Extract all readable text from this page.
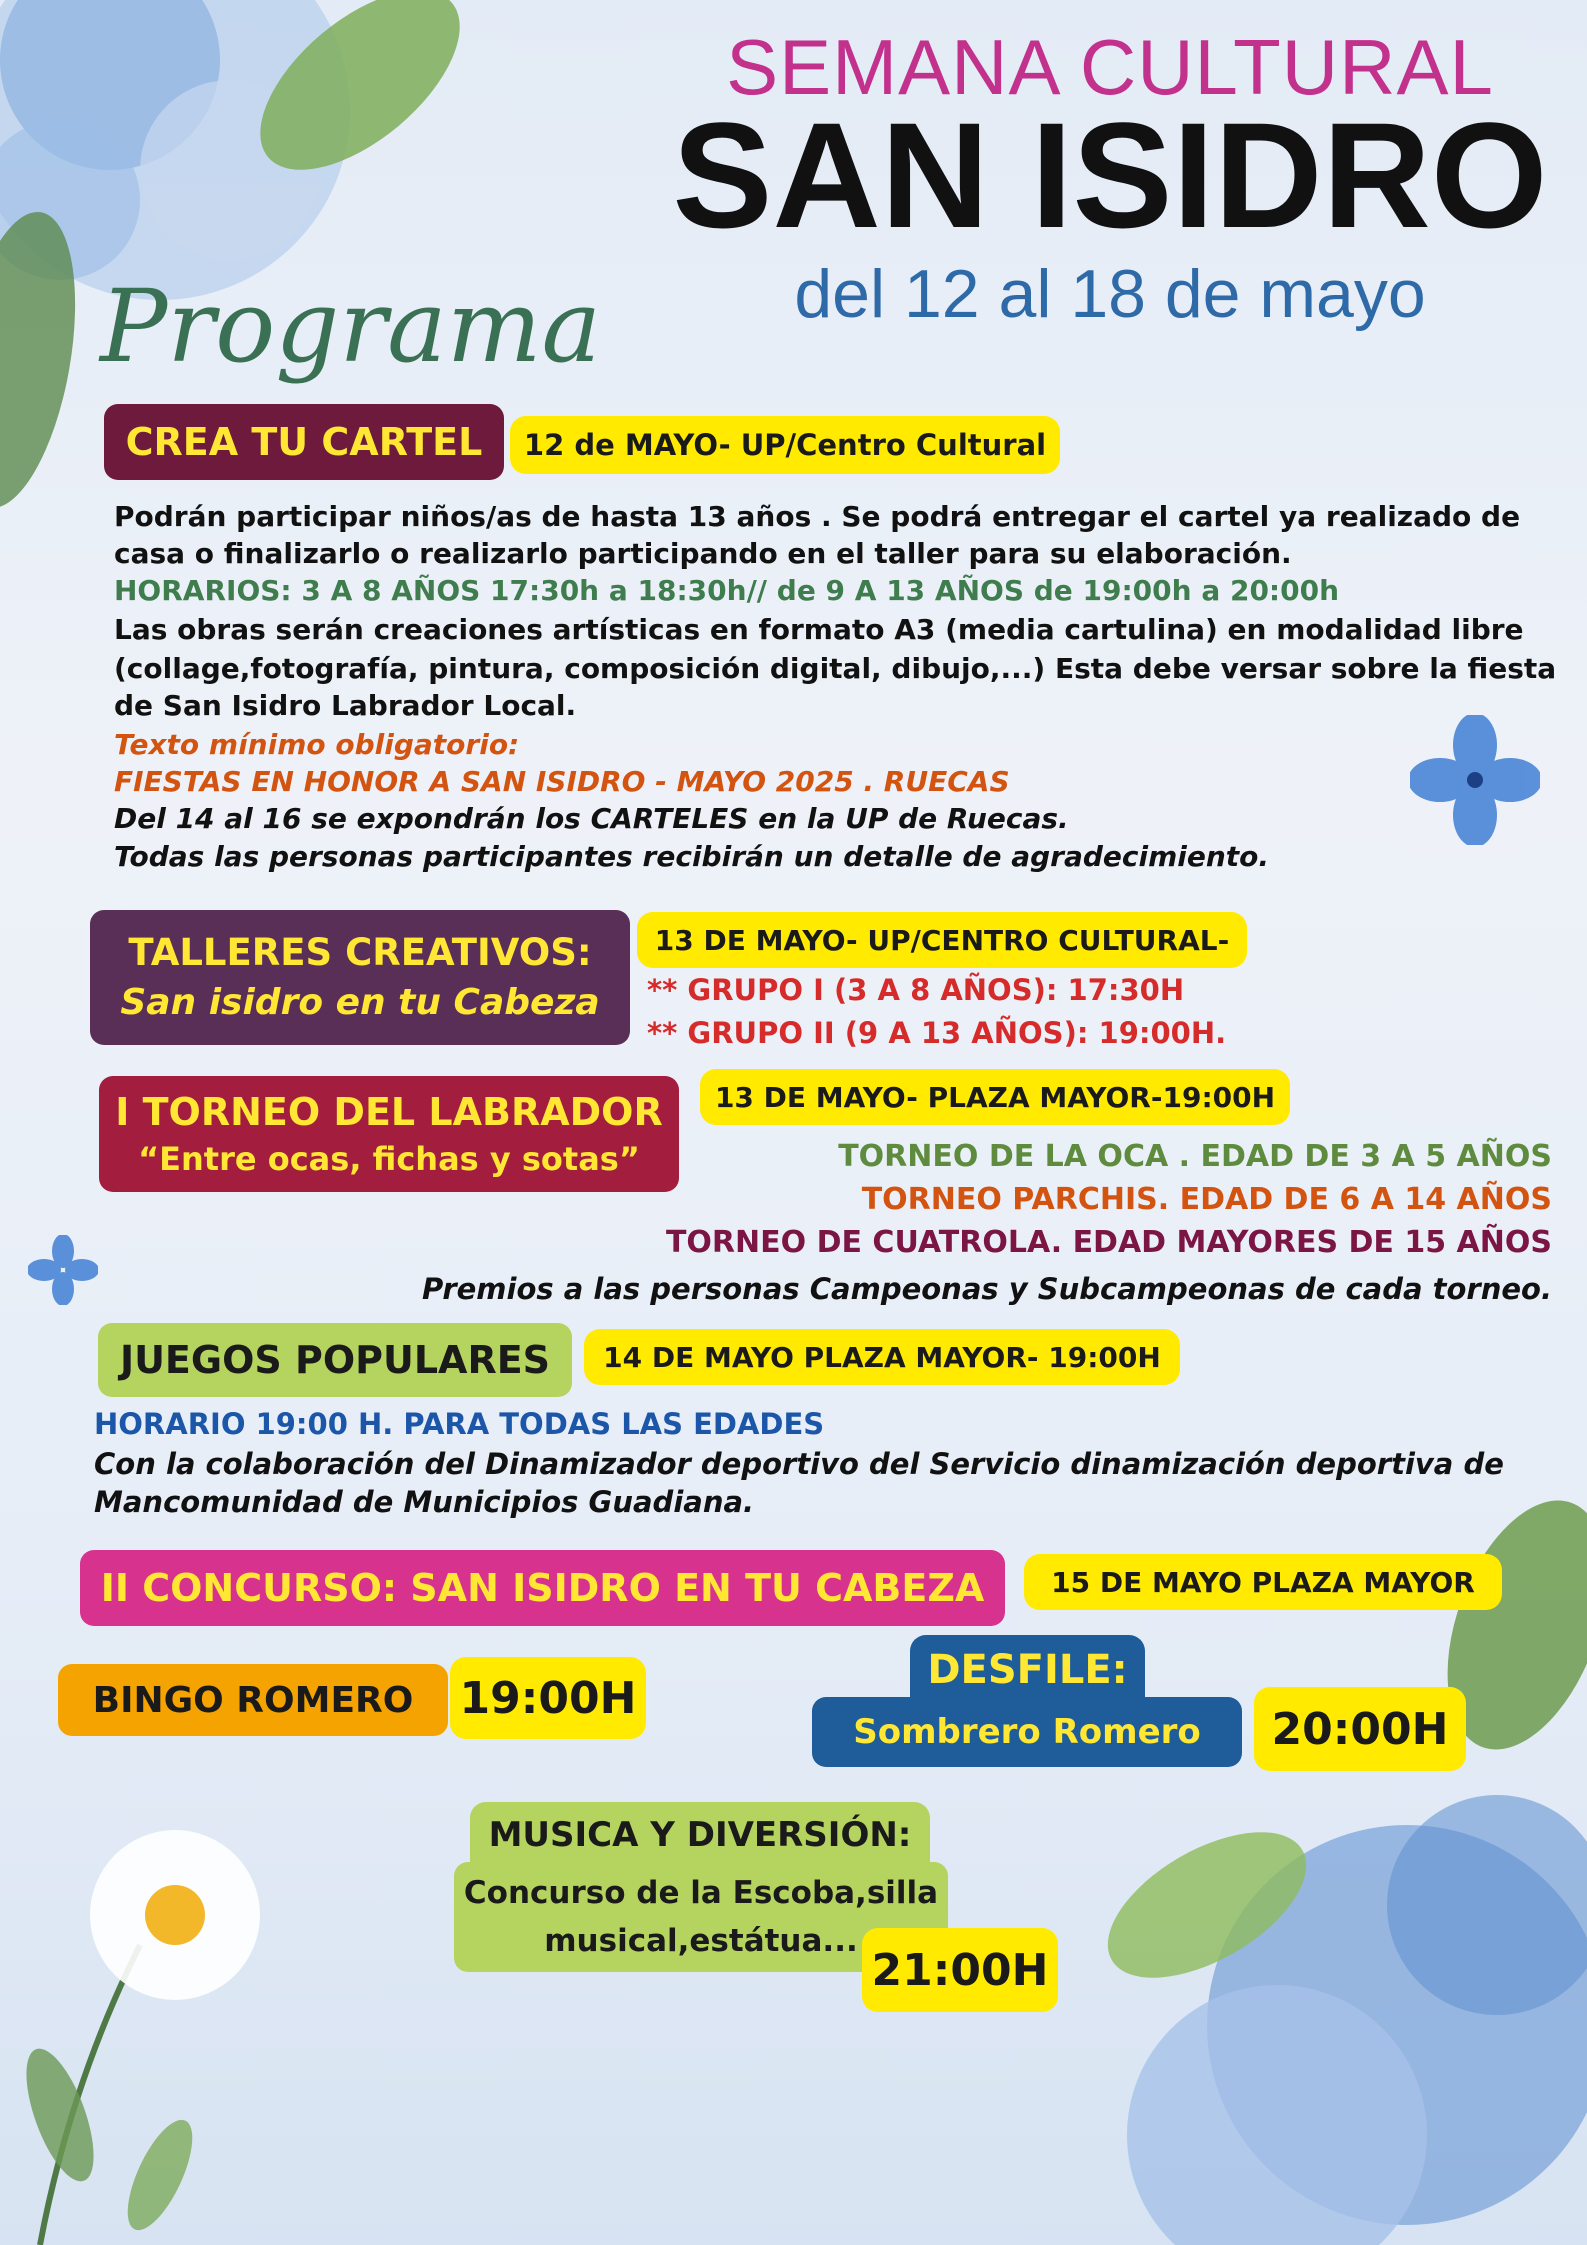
SEMANA CULTURAL
SAN ISIDRO
del 12 al 18 de mayo
Programa
CREA TU CARTEL	12 de MAYO- UP/Centro Cultural
Podrán participar niños/as de hasta 13 años . Se podrá entregar el cartel ya realizado de
casa o finalizarlo o realizarlo participando en el taller para su elaboración.
HORARIOS: 3 A 8 AÑOS 17:30h a 18:30h// de 9 A 13 AÑOS de 19:00h a 20:00h
Las obras serán creaciones artísticas en formato A3 (media cartulina) en modalidad libre
(collage,fotografía, pintura, composición digital, dibujo,...) Esta debe versar sobre la fiesta
de San Isidro Labrador Local.
Texto mínimo obligatorio:
FIESTAS EN HONOR A SAN ISIDRO - MAYO 2025 . RUECAS
Del 14 al 16 se expondrán los CARTELES en la UP de Ruecas.
Todas las personas participantes recibirán un detalle de agradecimiento.
TALLERES CREATIVOS:
San isidro en tu Cabeza
13 DE MAYO- UP/CENTRO CULTURAL-
** GRUPO I (3 A 8 AÑOS): 17:30H
** GRUPO II (9 A 13 AÑOS): 19:00H.
I TORNEO DEL LABRADOR
“Entre ocas, fichas y sotas”
13 DE MAYO- PLAZA MAYOR-19:00H
TORNEO DE LA OCA . EDAD DE 3 A 5 AÑOS
TORNEO PARCHIS. EDAD DE 6 A 14 AÑOS
TORNEO DE CUATROLA. EDAD MAYORES DE 15 AÑOS
Premios a las personas Campeonas y Subcampeonas de cada torneo.
JUEGOS POPULARES	14 DE MAYO PLAZA MAYOR- 19:00H
HORARIO 19:00 H. PARA TODAS LAS EDADES
Con la colaboración del Dinamizador deportivo del Servicio dinamización deportiva de
Mancomunidad de Municipios Guadiana.
II CONCURSO: SAN ISIDRO EN TU CABEZA	15 DE MAYO PLAZA MAYOR
BINGO ROMERO	19:00H
DESFILE:
Sombrero Romero	20:00H
MUSICA Y DIVERSIÓN:
Concurso de la Escoba,silla
musical,estátua...
21:00H
